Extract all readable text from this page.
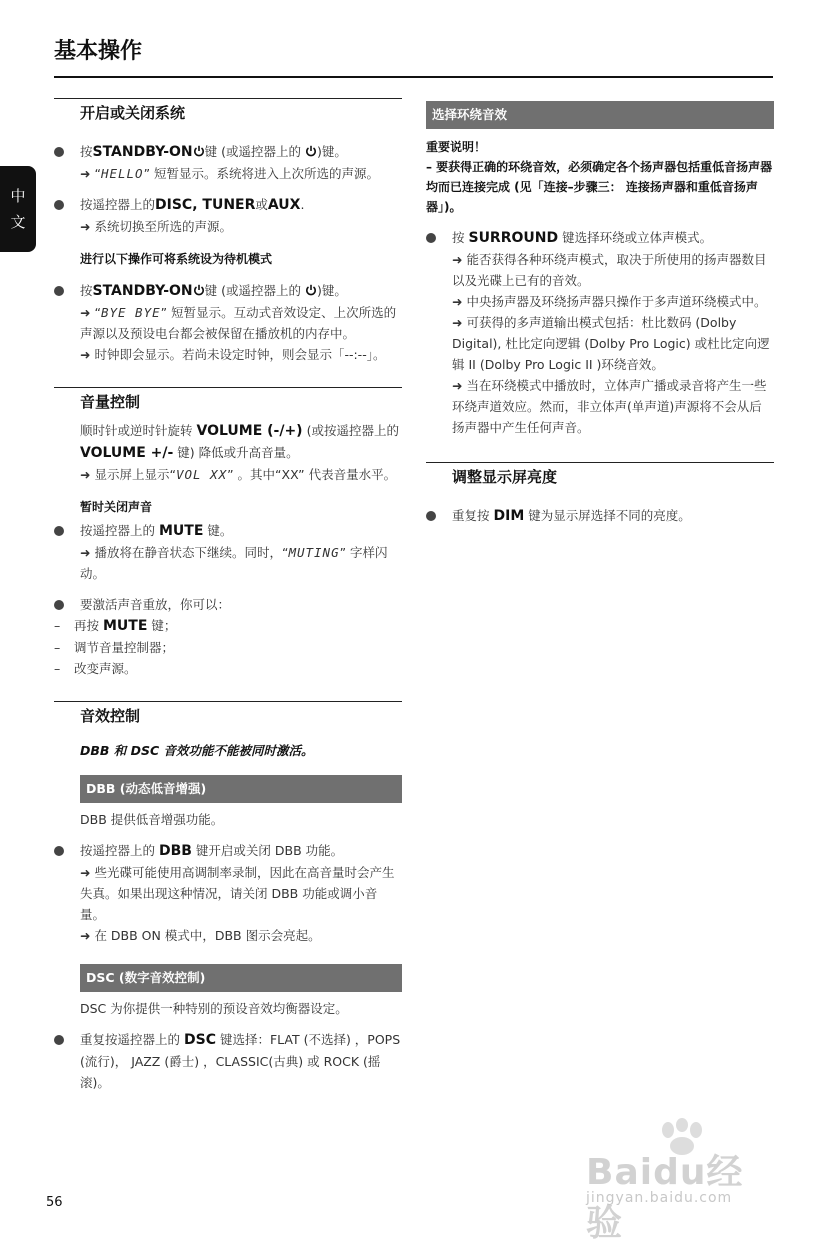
基本操作
中
文
开启或关闭系统
按STANDBY-ON 键 (或遥控器上的 )键。
➜ “HELLO” 短暂显示。系统将进入上次所选的声源。
按遥控器上的DISC, TUNER或AUX.
➜ 系统切换至所选的声源。
进行以下操作可将系统设为待机模式
按STANDBY-ON 键 (或遥控器上的 )键。
➜ “BYE BYE” 短暂显示。互动式音效设定、上次所选的声源以及预设电台都会被保留在播放机的内存中。
➜ 时钟即会显示。若尚未设定时钟，则会显示「--:--」。
音量控制
顺时针或逆时针旋转 VOLUME (-/+) (或按遥控器上的 VOLUME +/- 键) 降低或升高音量。
➜ 显示屏上显示“VOL XX” 。其中“XX” 代表音量水平。
暂时关闭声音
按遥控器上的 MUTE 键。
➜ 播放将在静音状态下继续。同时，“MUTING” 字样闪动。
要激活声音重放，你可以：
– 再按 MUTE 键；
– 调节音量控制器；
– 改变声源。
音效控制
DBB 和 DSC 音效功能不能被同时激活。
DBB (动态低音增强)
DBB 提供低音增强功能。
按遥控器上的 DBB 键开启或关闭 DBB 功能。
➜ 些光碟可能使用高调制率录制，因此在高音量时会产生失真。如果出现这种情况，请关闭 DBB 功能或调小音量。
➜ 在 DBB ON 模式中，DBB 图示会亮起。
DSC (数字音效控制)
DSC 为你提供一种特别的预设音效均衡器设定。
重复按遥控器上的 DSC 键选择：FLAT (不选择) ，POPS (流行)， JAZZ (爵士) ，CLASSIC(古典) 或 ROCK (摇滚)。
选择环绕音效
重要说明！
– 要获得正确的环绕音效，必须确定各个扬声器包括重低音扬声器均而已连接完成 (见「连接–步骤三： 连接扬声器和重低音扬声器」)。
按 SURROUND 键选择环绕或立体声模式。
➜ 能否获得各种环绕声模式，取决于所使用的扬声器数目以及光碟上已有的音效。
➜ 中央扬声器及环绕扬声器只操作于多声道环绕模式中。
➜ 可获得的多声道输出模式包括：杜比数码 (Dolby Digital), 杜比定向逻辑 (Dolby Pro Logic) 或杜比定向逻辑 II (Dolby Pro Logic II )环绕音效。
➜ 当在环绕模式中播放时，立体声广播或录音将产生一些环绕声道效应。然而，非立体声(单声道)声源将不会从后扬声器中产生任何声音。
调整显示屏亮度
重复按 DIM 键为显示屏选择不同的亮度。
56
Baidu经验
jingyan.baidu.com
